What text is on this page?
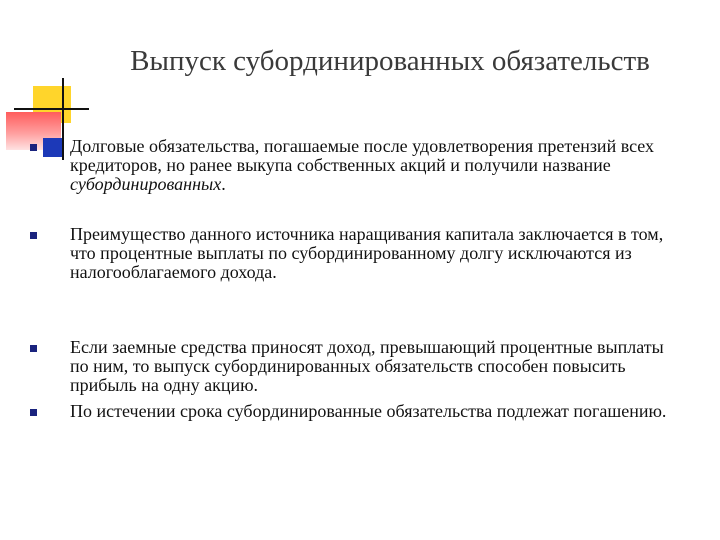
Выпуск субординированных обязательств
Долговые обязательства, погашаемые после удовлетворения претензий всех кредиторов, но ранее выкупа собственных акций и получили название субординированных.
Преимущество данного источника наращивания капитала заключается в том, что процентные выплаты по субординированному долгу исключаются из налогооблагаемого дохода.
Если заемные средства приносят доход, превышающий процентные выплаты по ним, то выпуск субординированных обязательств способен повысить прибыль на одну акцию.
По истечении срока субординированные обязательства подлежат погашению.
